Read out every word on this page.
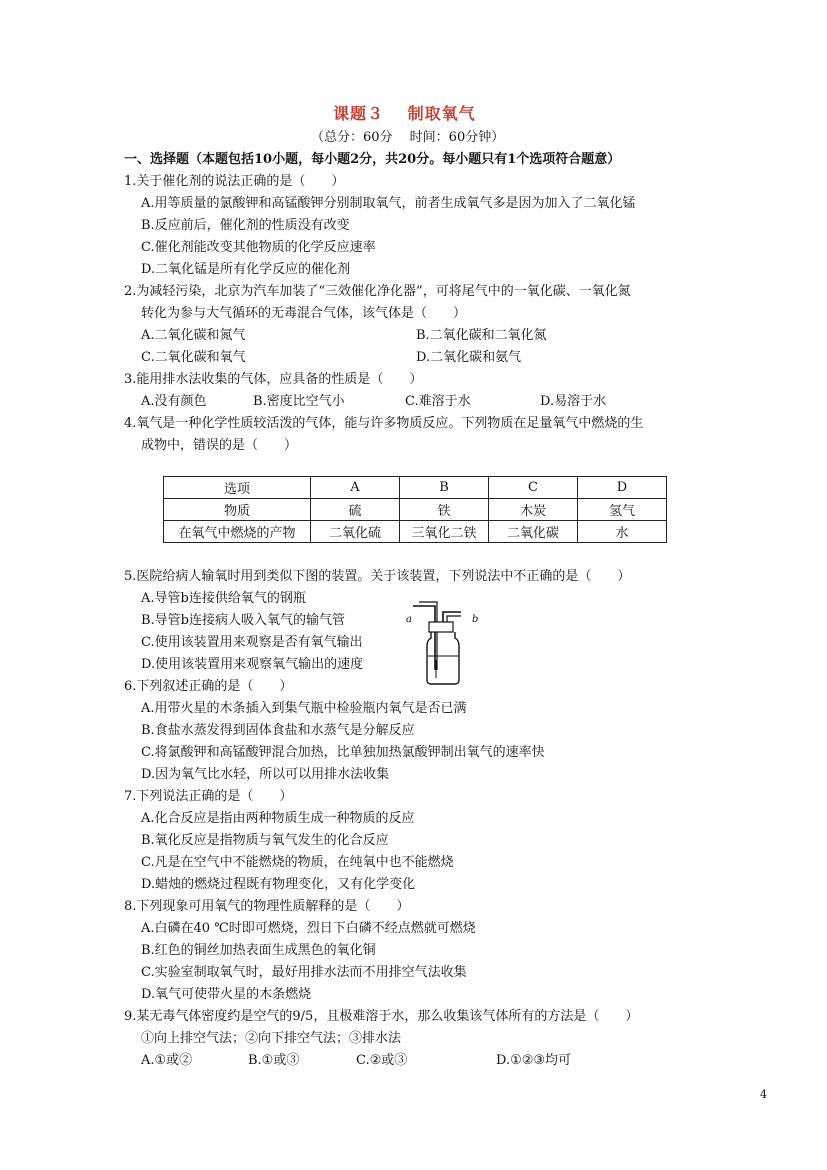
课题３　 制取氧气
（总分：60分　 时间：60分钟）
一、选择题（本题包括10小题，每小题2分，共20分。每小题只有1个选项符合题意）
1.关于催化剂的说法正确的是（　　）
A.用等质量的氯酸钾和高锰酸钾分别制取氧气，前者生成氧气多是因为加入了二氧化锰
B.反应前后，催化剂的性质没有改变
C.催化剂能改变其他物质的化学反应速率
D.二氧化锰是所有化学反应的催化剂
2.为减轻污染，北京为汽车加装了“三效催化净化器”，可将尾气中的一氧化碳、一氧化氮
转化为参与大气循环的无毒混合气体，该气体是（　　）
A.二氧化碳和氮气	B.二氧化碳和二氧化氮
C.二氧化碳和氧气	D.二氧化碳和氨气
3.能用排水法收集的气体，应具备的性质是（　　）
A.没有颜色	B.密度比空气小	C.难溶于水	D.易溶于水
4.氧气是一种化学性质较活泼的气体，能与许多物质反应。下列物质在足量氧气中燃烧的生
成物中，错误的是（　　）
选项	A	B	C	D
物质	硫	铁	木炭	氢气
在氧气中燃烧的产物	二氧化硫	三氧化二铁	二氧化碳	水
5.医院给病人输氧时用到类似下图的装置。关于该装置，下列说法中不正确的是（　　）
A.导管b连接供给氧气的钢瓶
B.导管b连接病人吸入氧气的输气管
C.使用该装置用来观察是否有氧气输出
D.使用该装置用来观察氧气输出的速度
a	b
6.下列叙述正确的是（　　）
A.用带火星的木条插入到集气瓶中检验瓶内氧气是否已满
B.食盐水蒸发得到固体食盐和水蒸气是分解反应
C.将氯酸钾和高锰酸钾混合加热，比单独加热氯酸钾制出氧气的速率快
D.因为氧气比水轻，所以可以用排水法收集
7.下列说法正确的是（　　）
A.化合反应是指由两种物质生成一种物质的反应
B.氧化反应是指物质与氧气发生的化合反应
C.凡是在空气中不能燃烧的物质，在纯氧中也不能燃烧
D.蜡烛的燃烧过程既有物理变化，又有化学变化
8.下列现象可用氧气的物理性质解释的是（　　）
A.白磷在40 ℃时即可燃烧，烈日下白磷不经点燃就可燃烧
B.红色的铜丝加热表面生成黑色的氧化铜
C.实验室制取氧气时，最好用排水法而不用排空气法收集
D.氧气可使带火星的木条燃烧
9.某无毒气体密度约是空气的9/5，且极难溶于水，那么收集该气体所有的方法是（　　）
①向上排空气法；②向下排空气法；③排水法
A.①或②	B.①或③	C.②或③	D.①②③均可
4
